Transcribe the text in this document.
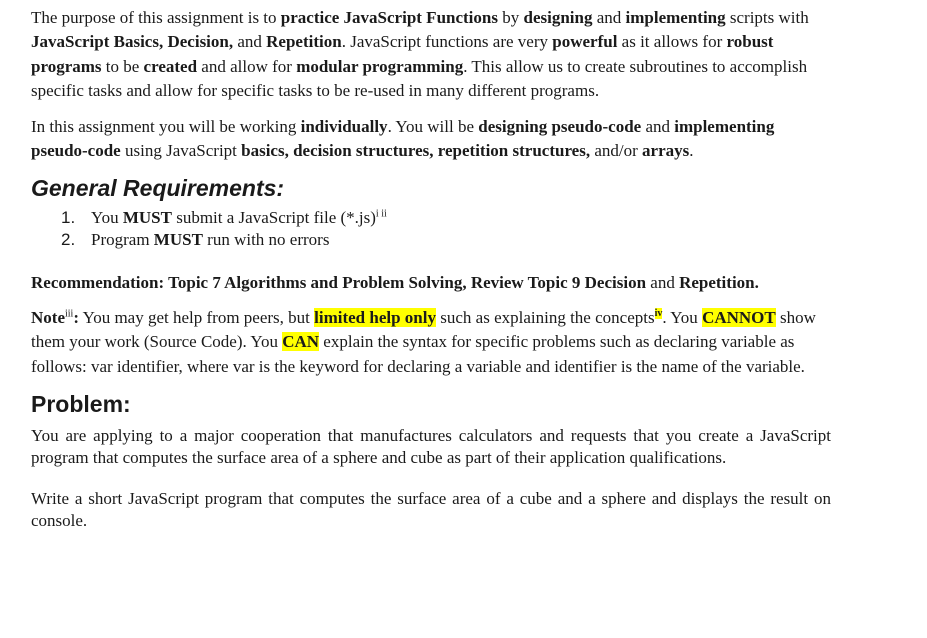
The purpose of this assignment is to practice JavaScript Functions by designing and implementing scripts with JavaScript Basics, Decision, and Repetition. JavaScript functions are very powerful as it allows for robust programs to be created and allow for modular programming. This allow us to create subroutines to accomplish specific tasks and allow for specific tasks to be re-used in many different programs.

In this assignment you will be working individually. You will be designing pseudo-code and implementing pseudo-code using JavaScript basics, decision structures, repetition structures, and/or arrays.

General Requirements:
1. You MUST submit a JavaScript file $(*.js)^i$ $^{ii}$
2. Program MUST run with no errors

Recommendation: Topic 7 Algorithms and Problem Solving, Review Topic 9 Decision and Repetition.

Note$^{iii}$: You may get help from peers, but limited help only such as explaining the concepts$^{iv}$. You CANNOT show them your work (Source Code). You CAN explain the syntax for specific problems such as declaring variable as follows: var identifier, where var is the keyword for declaring a variable and identifier is the name of the variable.

Problem:

You are applying to a major cooperation that manufactures calculators and requests that you create a JavaScript program that computes the surface area of a sphere and cube as part of their application qualifications.

Write a short JavaScript program that computes the surface area of a cube and a sphere and displays the result on console.
